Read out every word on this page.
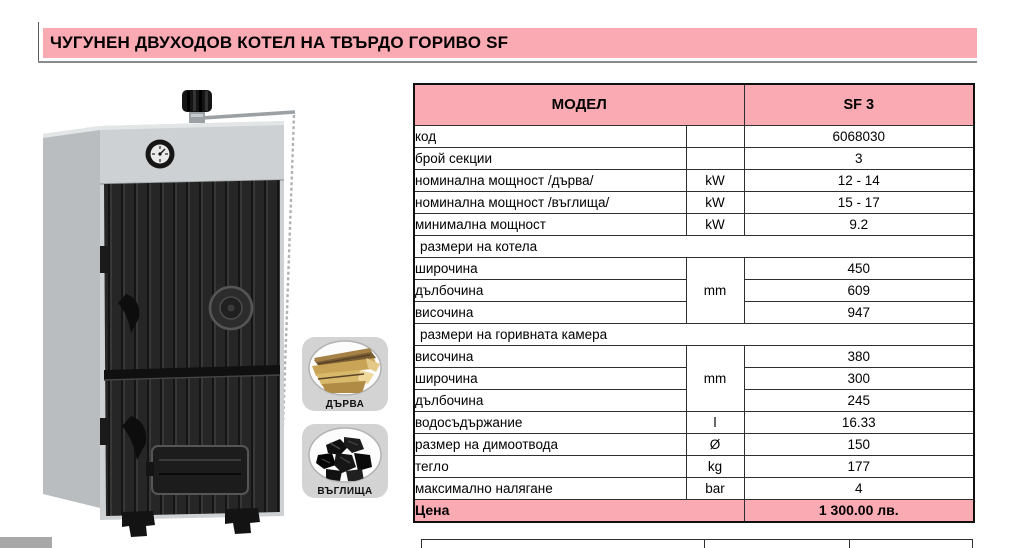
ЧУГУНЕН ДВУХОДОВ КОТЕЛ НА ТВЪРДО ГОРИВО SF
ДЪРВА
ВЪГЛИЩА
МОДЕЛ		SF 3
код		6068030
брой секции		3
номинална мощност /дърва/	kW	12 - 14
номинална мощност /въглища/	kW	15 - 17
минимална мощност	kW	9.2
размери на котела		
широчина	mm	450
дълбочина		609
височина		947
размери на горивната камера		
височина	mm	380
широчина		300
дълбочина		245
водосъдържание	l	16.33
размер на димоотвода	Ø	150
тегло	kg	177
максимално налягане	bar	4
Цена		1 300.00 лв.
